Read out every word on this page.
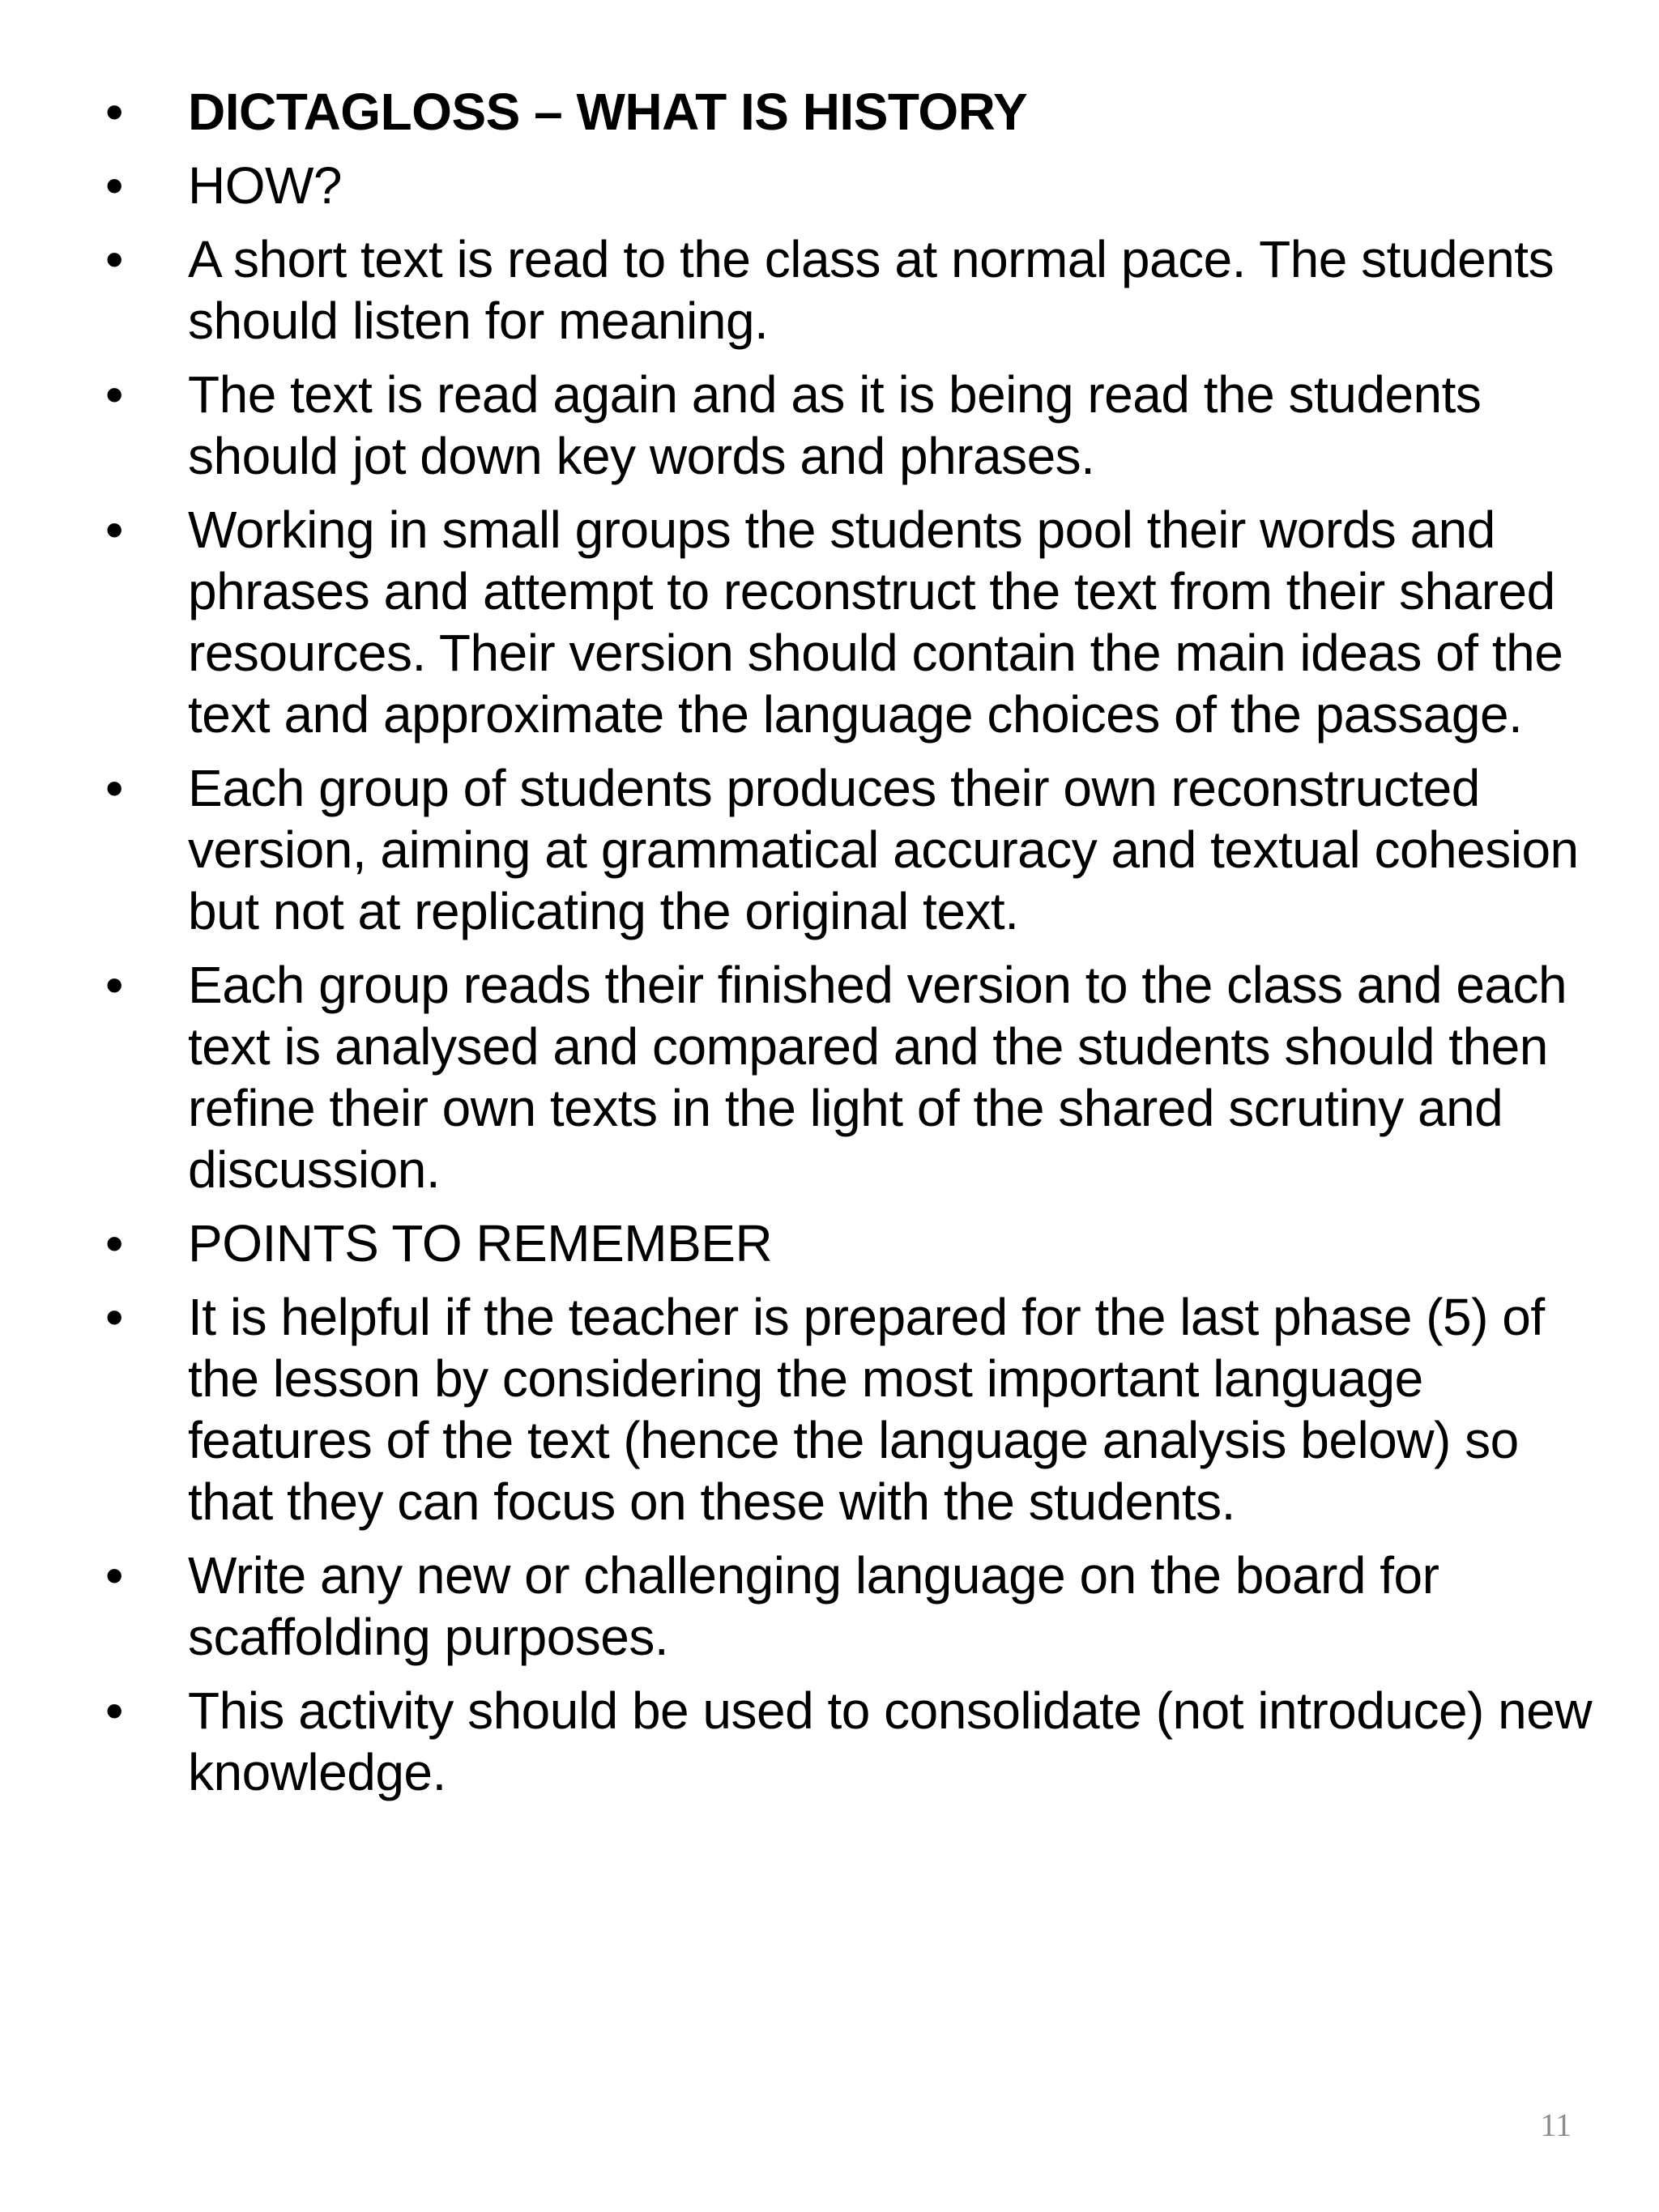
• DICTAGLOSS – WHAT IS HISTORY
• HOW?
• A short text is read to the class at normal pace. The students should listen for meaning.
• The text is read again and as it is being read the students should jot down key words and phrases.
• Working in small groups the students pool their words and phrases and attempt to reconstruct the text from their shared resources. Their version should contain the main ideas of the text and approximate the language choices of the passage.
• Each group of students produces their own reconstructed version, aiming at grammatical accuracy and textual cohesion but not at replicating the original text.
• Each group reads their finished version to the class and each text is analysed and compared and the students should then refine their own texts in the light of the shared scrutiny and discussion.
• POINTS TO REMEMBER
• It is helpful if the teacher is prepared for the last phase (5) of the lesson by considering the most important language features of the text (hence the language analysis below) so that they can focus on these with the students.
• Write any new or challenging language on the board for scaffolding purposes.
• This activity should be used to consolidate (not introduce) new knowledge.
11
